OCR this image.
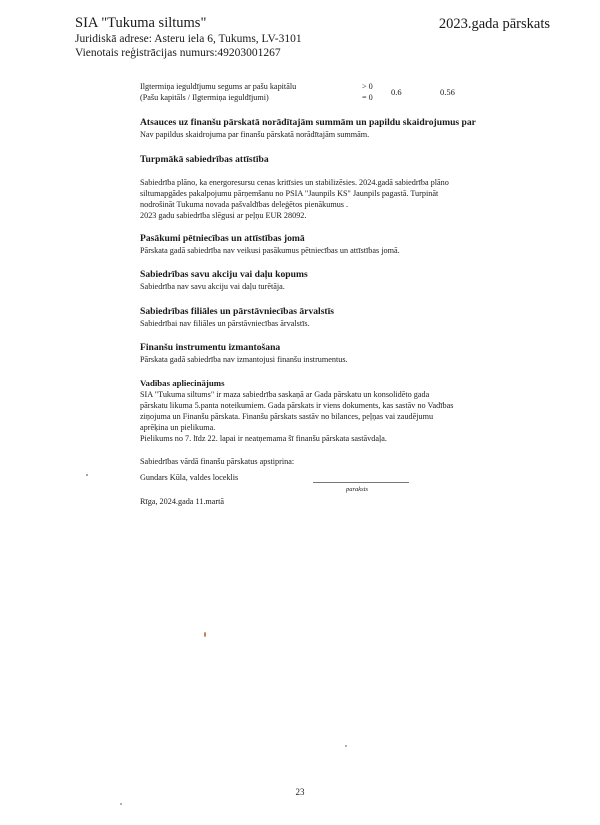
SIA "Tukuma siltums"
Juridiskā adrese: Asteru iela 6, Tukums, LV-3101
Vienotais reģistrācijas numurs:49203001267
2023.gada pārskats
Ilgtermiņa ieguldījumu segums ar pašu kapitālu
(Pašu kapitāls / Ilgtermiņa ieguldījumi)
> 0
= 0
0.6	0.56
Atsauces uz finanšu pārskatā norādītajām summām un papildu skaidrojumus par
Nav papildus skaidrojuma par finanšu pārskatā norādītajām summām.
Turpmākā sabiedrības attīstība
Sabiedrība plāno, ka energoresursu cenas kritīsies un stabilizēsies. 2024.gadā sabiedrība plāno
siltumapgādes pakalpojumu pārņemšanu no PSIA "Jaunpils KS" Jaunpils pagastā. Turpināt
nodrošināt Tukuma novada pašvaldības deleģētos pienākumus .
2023 gadu sabiedrība slēgusi ar peļņu EUR 28092.
Pasākumi pētniecības un attīstības jomā
Pārskata gadā sabiedrība nav veikusi pasākumus pētniecības un attīstības jomā.
Sabiedrības savu akciju vai daļu kopums
Sabiedrība nav savu akciju vai daļu turētāja.
Sabiedrības filiāles un pārstāvniecības ārvalstīs
Sabiedrībai nav filiāles un pārstāvniecības ārvalstīs.
Finanšu instrumentu izmantošana
Pārskata gadā sabiedrība nav izmantojusi finanšu instrumentus.
Vadības apliecinājums
SIA "Tukuma siltums" ir maza sabiedrība saskaņā ar Gada pārskatu un konsolidēto gada
pārskatu likuma 5.panta noteikumiem. Gada pārskats ir viens dokuments, kas sastāv no Vadības
ziņojuma un Finanšu pārskata. Finanšu pārskats sastāv no bilances, peļņas vai zaudējumu
aprēķina un pielikuma.
Pielikums no 7. līdz 22. lapai ir neatņemama šī finanšu pārskata sastāvdaļa.
Sabiedrības vārdā finanšu pārskatus apstiprina:
Gundars Kūla, valdes loceklis
paraksts
Rīga, 2024.gada 11.martā
23
